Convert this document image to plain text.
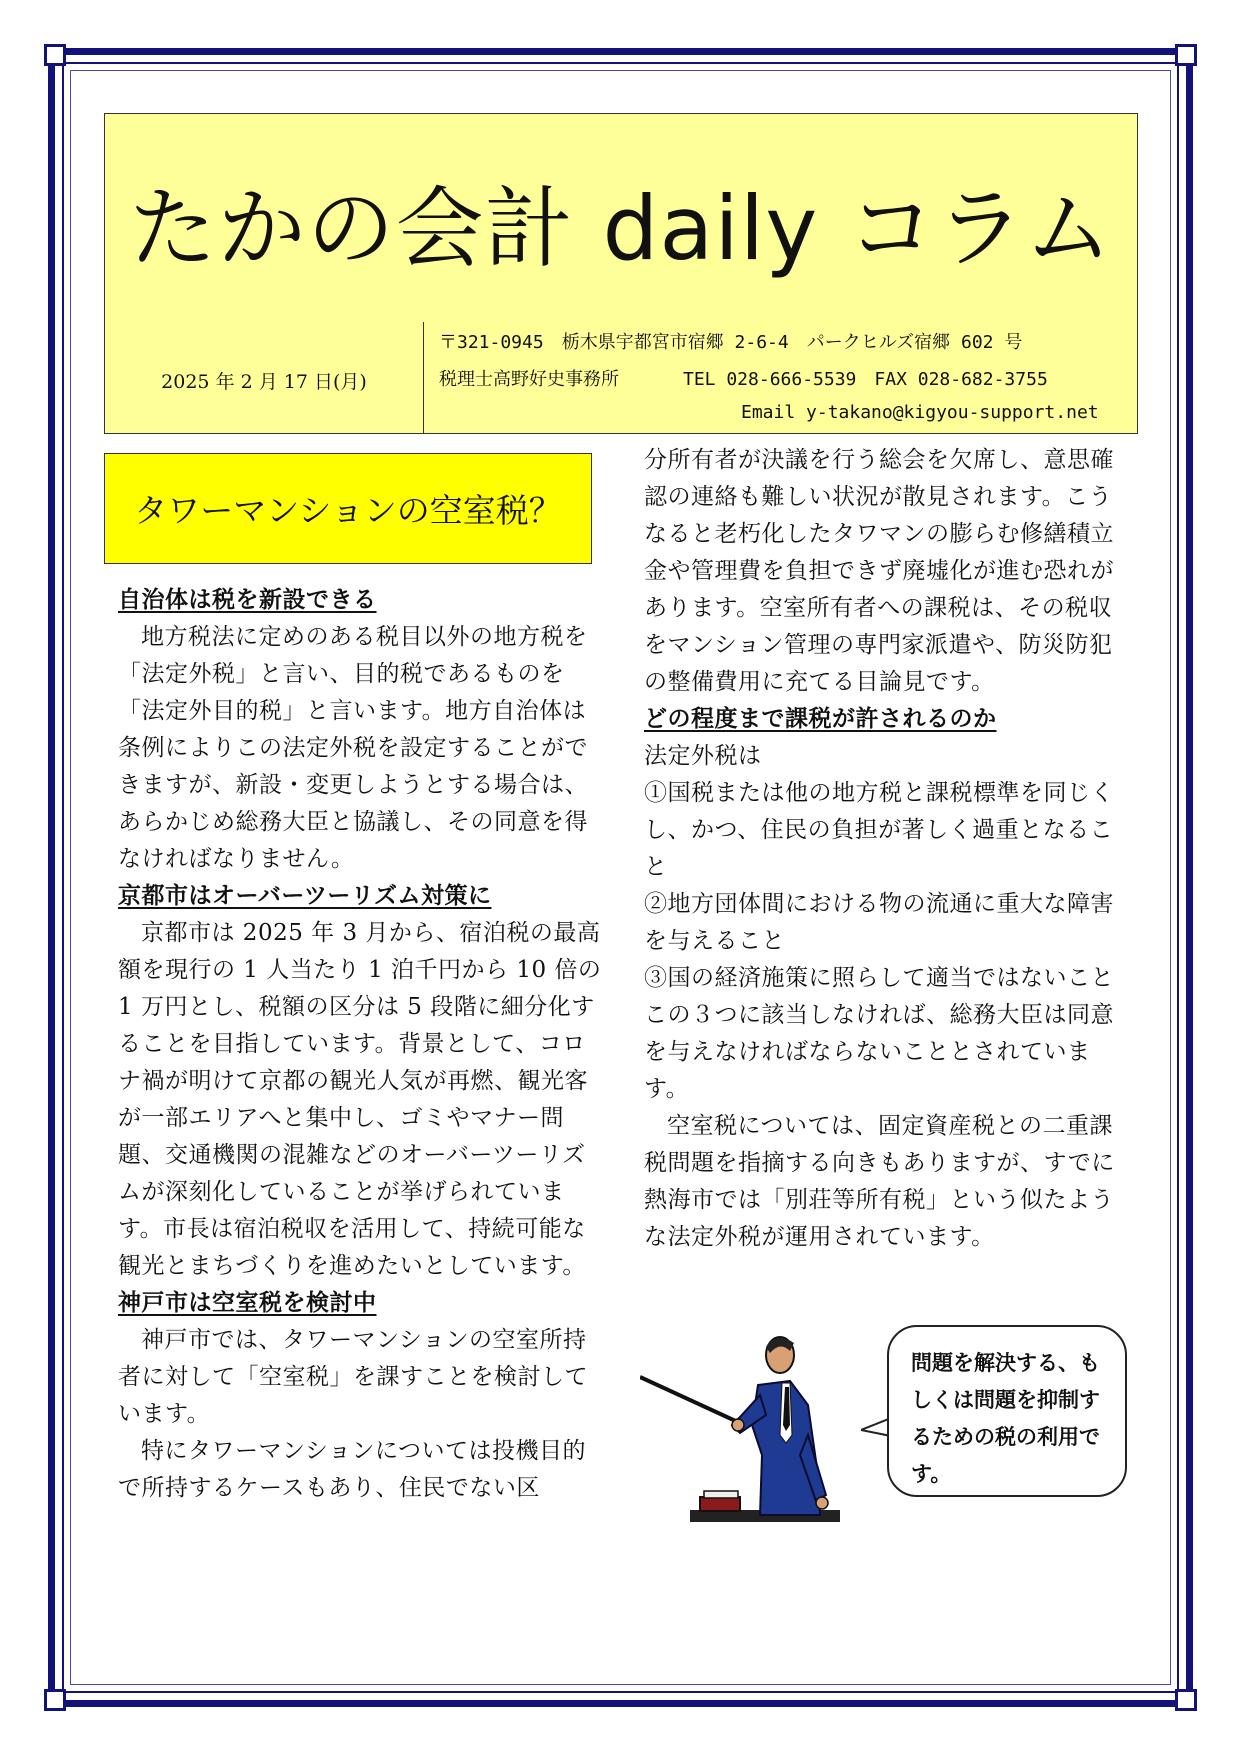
たかの会計 daily コラム
2025 年 2 月 17 日(月)
〒321-0945　栃木県宇都宮市宿郷 2-6-4　パークヒルズ宿郷 602 号
税理士高野好史事務所	TEL 028-666-5539　FAX 028-682-3755
Email y-takano@kigyou-support.net
タワーマンションの空室税？

自治体は税を新設できる

地方税法に定めのある税目以外の地方税を「法定外税」と言い、目的税であるものを「法定外目的税」と言います。地方自治体は条例によりこの法定外税を設定することができますが、新設・変更しようとする場合は、あらかじめ総務大臣と協議し、その同意を得なければなりません。

京都市はオーバーツーリズム対策に

京都市は 2025 年 3 月から、宿泊税の最高額を現行の 1 人当たり 1 泊千円から 10 倍の 1 万円とし、税額の区分は 5 段階に細分化することを目指しています。背景として、コロナ禍が明けて京都の観光人気が再燃、観光客が一部エリアへと集中し、ゴミやマナー問題、交通機関の混雑などのオーバーツーリズムが深刻化していることが挙げられています。市長は宿泊税収を活用して、持続可能な観光とまちづくりを進めたいとしています。

神戸市は空室税を検討中

神戸市では、タワーマンションの空室所持者に対して「空室税」を課すことを検討しています。

特にタワーマンションについては投機目的で所持するケースもあり、住民でない区

分所有者が決議を行う総会を欠席し、意思確認の連絡も難しい状況が散見されます。こうなると老朽化したタワマンの膨らむ修繕積立金や管理費を負担できず廃墟化が進む恐れがあります。空室所有者への課税は、その税収をマンション管理の専門家派遣や、防災防犯の整備費用に充てる目論見です。

どの程度まで課税が許されるのか

法定外税は

①国税または他の地方税と課税標準を同じくし、かつ、住民の負担が著しく過重となること

②地方団体間における物の流通に重大な障害を与えること

③国の経済施策に照らして適当ではないこと

この３つに該当しなければ、総務大臣は同意を与えなければならないこととされています。

空室税については、固定資産税との二重課税問題を指摘する向きもありますが、すでに熱海市では「別荘等所有税」という似たような法定外税が運用されています。

問題を解決する、もしくは問題を抑制するための税の利用です。
